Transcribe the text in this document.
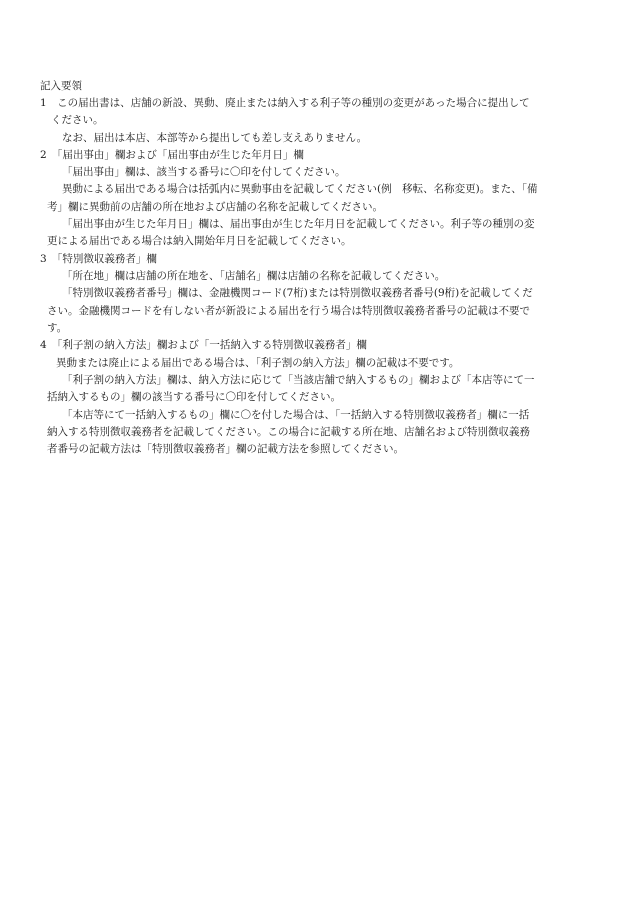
記入要領
1　この届出書は、店舗の新設、異動、廃止または納入する利子等の種別の変更があった場合に提出して
ください。
なお、届出は本店、本部等から提出しても差し支えありません。
2　「届出事由」欄および「届出事由が生じた年月日」欄
「届出事由」欄は、該当する番号に〇印を付してください。
異動による届出である場合は括弧内に異動事由を記載してください(例　移転、名称変更)。また、「備
考」欄に異動前の店舗の所在地および店舗の名称を記載してください。
「届出事由が生じた年月日」欄は、届出事由が生じた年月日を記載してください。利子等の種別の変
更による届出である場合は納入開始年月日を記載してください。
3　「特別徴収義務者」欄
「所在地」欄は店舗の所在地を、「店舗名」欄は店舗の名称を記載してください。
「特別徴収義務者番号」欄は、金融機関コード(7桁)または特別徴収義務者番号(9桁)を記載してくだ
さい。金融機関コードを有しない者が新設による届出を行う場合は特別徴収義務者番号の記載は不要で
す。
4　「利子割の納入方法」欄および「一括納入する特別徴収義務者」欄
異動または廃止による届出である場合は、「利子割の納入方法」欄の記載は不要です。
「利子割の納入方法」欄は、納入方法に応じて「当該店舗で納入するもの」欄および「本店等にて一
括納入するもの」欄の該当する番号に〇印を付してください。
「本店等にて一括納入するもの」欄に〇を付した場合は、「一括納入する特別徴収義務者」欄に一括
納入する特別徴収義務者を記載してください。この場合に記載する所在地、店舗名および特別徴収義務
者番号の記載方法は「特別徴収義務者」欄の記載方法を参照してください。
